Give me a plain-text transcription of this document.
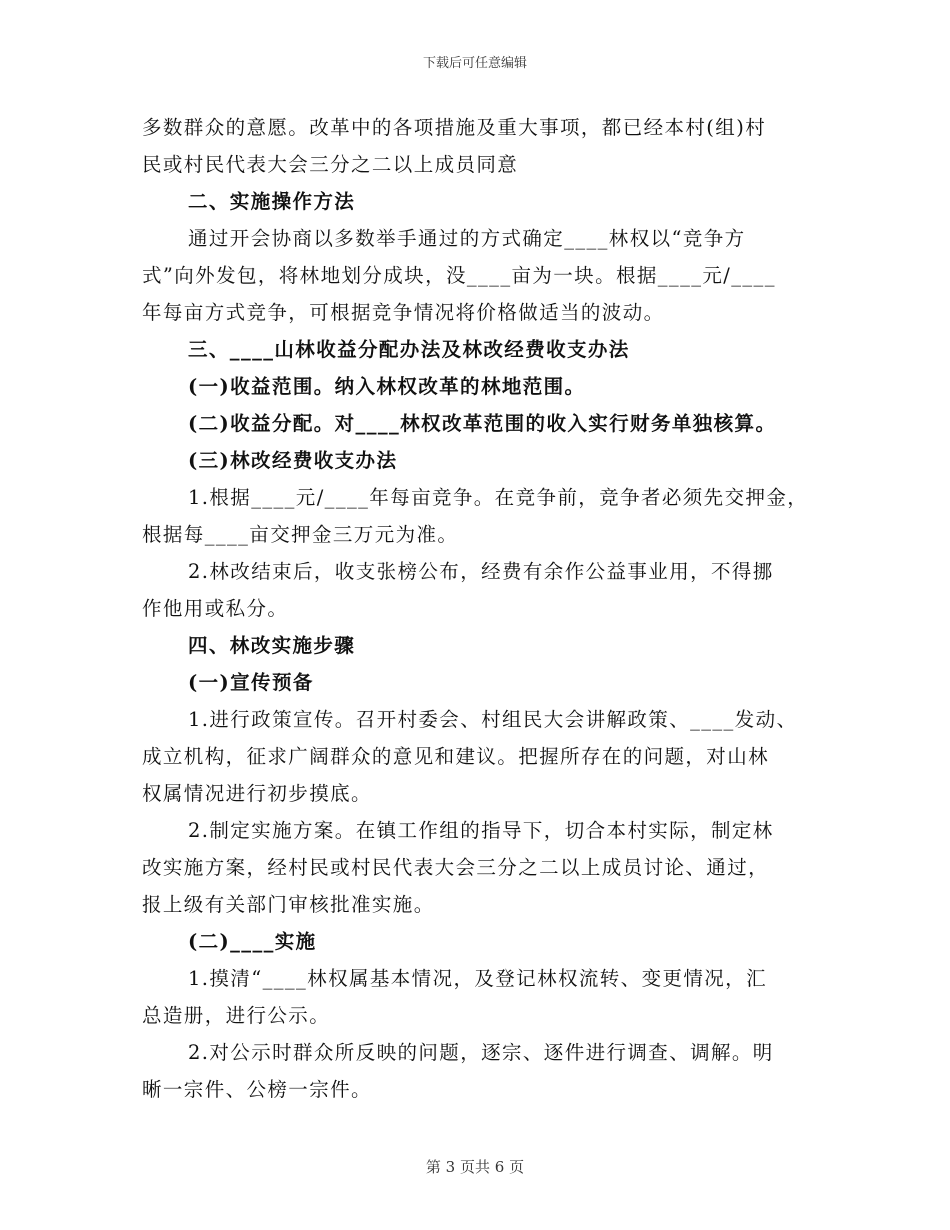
下载后可任意编辑
多数群众的意愿。改革中的各项措施及重大事项，都已经本村(组)村
民或村民代表大会三分之二以上成员同意
二、实施操作方法
通过开会协商以多数举手通过的方式确定____林权以“竞争方
式”向外发包，将林地划分成块，没____亩为一块。根据____元/____
年每亩方式竞争，可根据竞争情况将价格做适当的波动。
三、____山林收益分配办法及林改经费收支办法
(一)收益范围。纳入林权改革的林地范围。
(二)收益分配。对____林权改革范围的收入实行财务单独核算。
(三)林改经费收支办法
1.根据____元/____年每亩竞争。在竞争前，竞争者必须先交押金，
根据每____亩交押金三万元为准。
2.林改结束后，收支张榜公布，经费有余作公益事业用，不得挪
作他用或私分。
四、林改实施步骤
(一)宣传预备
1.进行政策宣传。召开村委会、村组民大会讲解政策、____发动、
成立机构，征求广阔群众的意见和建议。把握所存在的问题，对山林
权属情况进行初步摸底。
2.制定实施方案。在镇工作组的指导下，切合本村实际，制定林
改实施方案，经村民或村民代表大会三分之二以上成员讨论、通过，
报上级有关部门审核批准实施。
(二)____实施
1.摸清“____林权属基本情况，及登记林权流转、变更情况，汇
总造册，进行公示。
2.对公示时群众所反映的问题，逐宗、逐件进行调查、调解。明
晰一宗件、公榜一宗件。
第 3 页共 6 页
